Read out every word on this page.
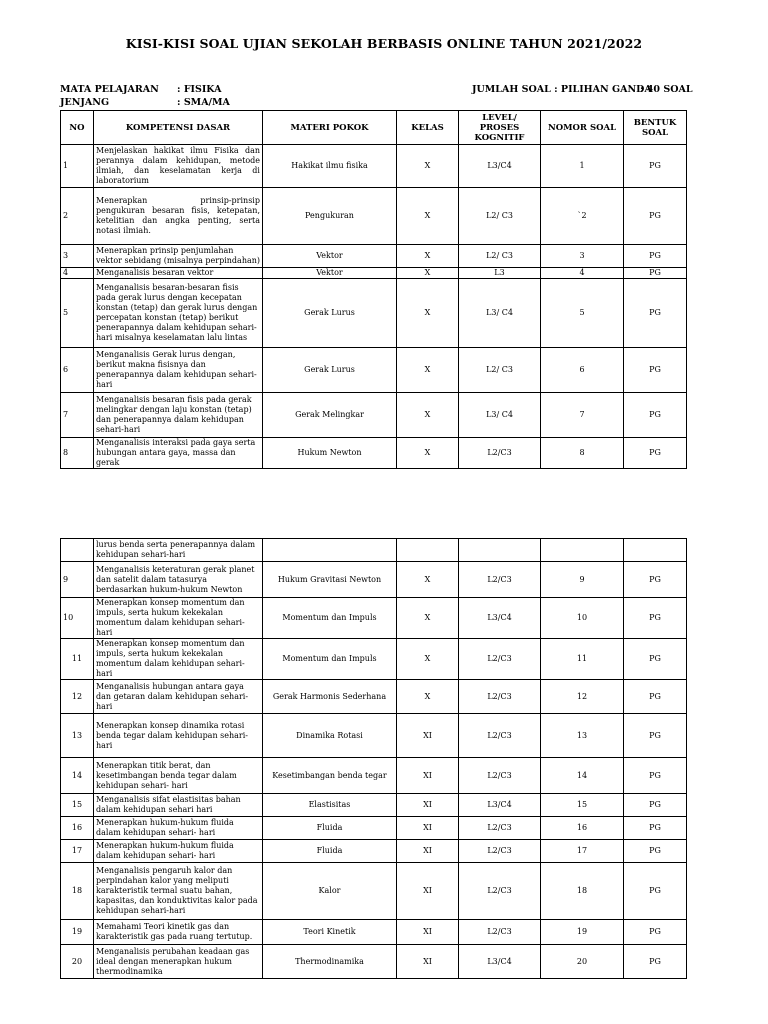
KISI-KISI SOAL UJIAN SEKOLAH BERBASIS ONLINE TAHUN 2021/2022
MATA PELAJARAN : FISIKA
JENJANG	: SMA/MA
JUMLAH SOAL : PILIHAN GANDA
: 40 SOAL
NO	KOMPETENSI DASAR	MATERI POKOK	KELAS	LEVEL/ PROSES KOGNITIF	NOMOR SOAL	BENTUK SOAL
1	Menjelaskan hakikat ilmu Fisika dan perannya dalam kehidupan, metode ilmiah, dan keselamatan kerja di laboratorium	Hakikat ilmu fisika	X	L3/C4	1	PG
2	Menerapkan prinsip-prinsip pengukuran besaran fisis, ketepatan, ketelitian dan angka penting, serta notasi ilmiah.	Pengukuran	X	L2/ C3	`2	PG
3	Menerapkan prinsip penjumlahan vektor sebidang (misalnya perpindahan)	Vektor	X	L2/ C3	3	PG
4	Menganalisis besaran vektor	Vektor	X	L3	4	PG
5	Menganalisis besaran-besaran fisis pada gerak lurus dengan kecepatan konstan (tetap) dan gerak lurus dengan percepatan konstan (tetap) berikut penerapannya dalam kehidupan sehari-hari misalnya keselamatan lalu lintas	Gerak Lurus	X	L3/ C4	5	PG
6	Menganalisis Gerak lurus dengan, berikut makna fisisnya dan penerapannya dalam kehidupan sehari-hari	Gerak Lurus	X	L2/ C3	6	PG
7	Menganalisis besaran fisis pada gerak melingkar dengan laju konstan (tetap) dan penerapannya dalam kehidupan sehari-hari	Gerak Melingkar	X	L3/ C4	7	PG
8	Menganalisis interaksi pada gaya serta hubungan antara gaya, massa dan gerak	Hukum Newton	X	L2/C3	8	PG
	lurus benda serta penerapannya dalam kehidupan sehari-hari					
9	Menganalisis keteraturan gerak planet dan satelit dalam tatasurya berdasarkan hukum-hukum Newton	Hukum Gravitasi Newton	X	L2/C3	9	PG
10	Menerapkan konsep momentum dan impuls, serta hukum kekekalan momentum dalam kehidupan sehari-hari	Momentum dan Impuls	X	L3/C4	10	PG
11	Menerapkan konsep momentum dan impuls, serta hukum kekekalan momentum dalam kehidupan sehari-hari	Momentum dan Impuls	X	L2/C3	11	PG
12	Menganalisis hubungan antara gaya dan getaran dalam kehidupan sehari-hari	Gerak Harmonis Sederhana	X	L2/C3	12	PG
13	Menerapkan konsep dinamika rotasi benda tegar dalam kehidupan sehari-hari	Dinamika Rotasi	XI	L2/C3	13	PG
14	Menerapkan titik berat, dan kesetimbangan benda tegar dalam kehidupan sehari- hari	Kesetimbangan benda tegar	XI	L2/C3	14	PG
15	Menganalisis sifat elastisitas bahan dalam kehidupan sehari hari	Elastisitas	XI	L3/C4	15	PG
16	Menerapkan hukum-hukum fluida dalam kehidupan sehari- hari	Fluida	XI	L2/C3	16	PG
17	Menerapkan hukum-hukum fluida dalam kehidupan sehari- hari	Fluida	XI	L2/C3	17	PG
18	Menganalisis pengaruh kalor dan perpindahan kalor yang meliputi karakteristik termal suatu bahan, kapasitas, dan konduktivitas kalor pada kehidupan sehari-hari	Kalor	XI	L2/C3	18	PG
19	Memahami Teori kinetik gas dan karakteristik gas pada ruang tertutup.	Teori Kinetik	XI	L2/C3	19	PG
20	Menganalisis perubahan keadaan gas ideal dengan menerapkan hukum thermodinamika	Thermodinamika	XI	L3/C4	20	PG
